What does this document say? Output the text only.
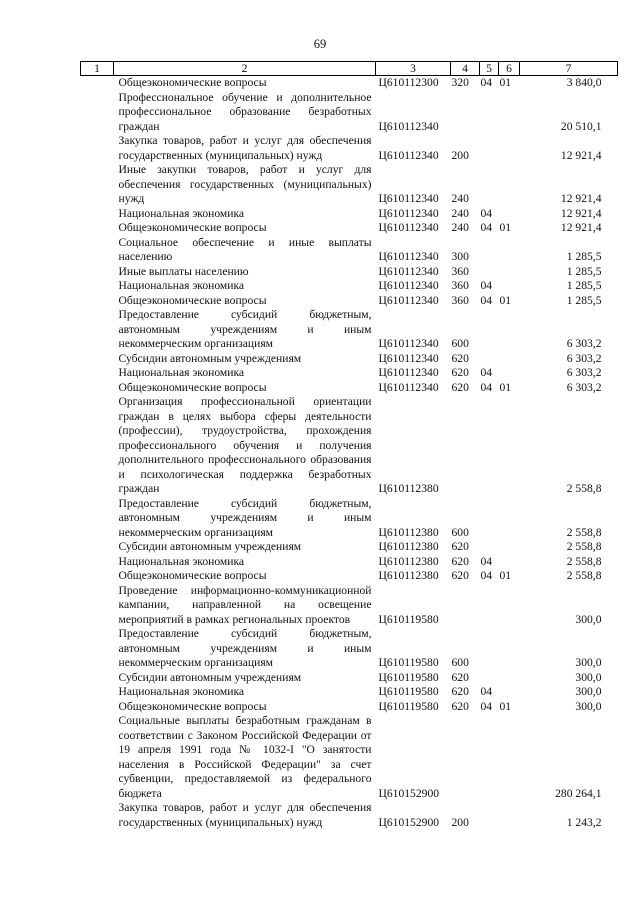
69
1	2	3	4	5	6	7
	Общеэкономические вопросы	Ц610112300	320	04	01	3 840,0
	Профессиональное обучение и дополнительное профессиональное образование безработных граждан	Ц610112340				20 510,1
	Закупка товаров, работ и услуг для обеспечения государственных (муниципальных) нужд	Ц610112340	200			12 921,4
	Иные закупки товаров, работ и услуг для обеспечения государственных (муниципальных) нужд	Ц610112340	240			12 921,4
	Национальная экономика	Ц610112340	240	04		12 921,4
	Общеэкономические вопросы	Ц610112340	240	04	01	12 921,4
	Социальное обеспечение и иные выплаты населению	Ц610112340	300			1 285,5
	Иные выплаты населению	Ц610112340	360			1 285,5
	Национальная экономика	Ц610112340	360	04		1 285,5
	Общеэкономические вопросы	Ц610112340	360	04	01	1 285,5
	Предоставление субсидий бюджетным, автономным учреждениям и иным некоммерческим организациям	Ц610112340	600			6 303,2
	Субсидии автономным учреждениям	Ц610112340	620			6 303,2
	Национальная экономика	Ц610112340	620	04		6 303,2
	Общеэкономические вопросы	Ц610112340	620	04	01	6 303,2
	Организация профессиональной ориентации граждан в целях выбора сферы деятельности (профессии), трудоустройства, прохождения профессионального обучения и получения дополнительного профессионального образования и психологическая поддержка безработных граждан	Ц610112380				2 558,8
	Предоставление субсидий бюджетным, автономным учреждениям и иным некоммерческим организациям	Ц610112380	600			2 558,8
	Субсидии автономным учреждениям	Ц610112380	620			2 558,8
	Национальная экономика	Ц610112380	620	04		2 558,8
	Общеэкономические вопросы	Ц610112380	620	04	01	2 558,8
	Проведение информационно-коммуникационной кампании, направленной на освещение мероприятий в рамках региональных проектов	Ц610119580				300,0
	Предоставление субсидий бюджетным, автономным учреждениям и иным некоммерческим организациям	Ц610119580	600			300,0
	Субсидии автономным учреждениям	Ц610119580	620			300,0
	Национальная экономика	Ц610119580	620	04		300,0
	Общеэкономические вопросы	Ц610119580	620	04	01	300,0
	Социальные выплаты безработным гражданам в соответствии с Законом Российской Федерации от 19 апреля 1991 года № 1032-I "О занятости населения в Российской Федерации" за счет субвенции, предоставляемой из федерального бюджета	Ц610152900				280 264,1
	Закупка товаров, работ и услуг для обеспечения государственных (муниципальных) нужд	Ц610152900	200			1 243,2
